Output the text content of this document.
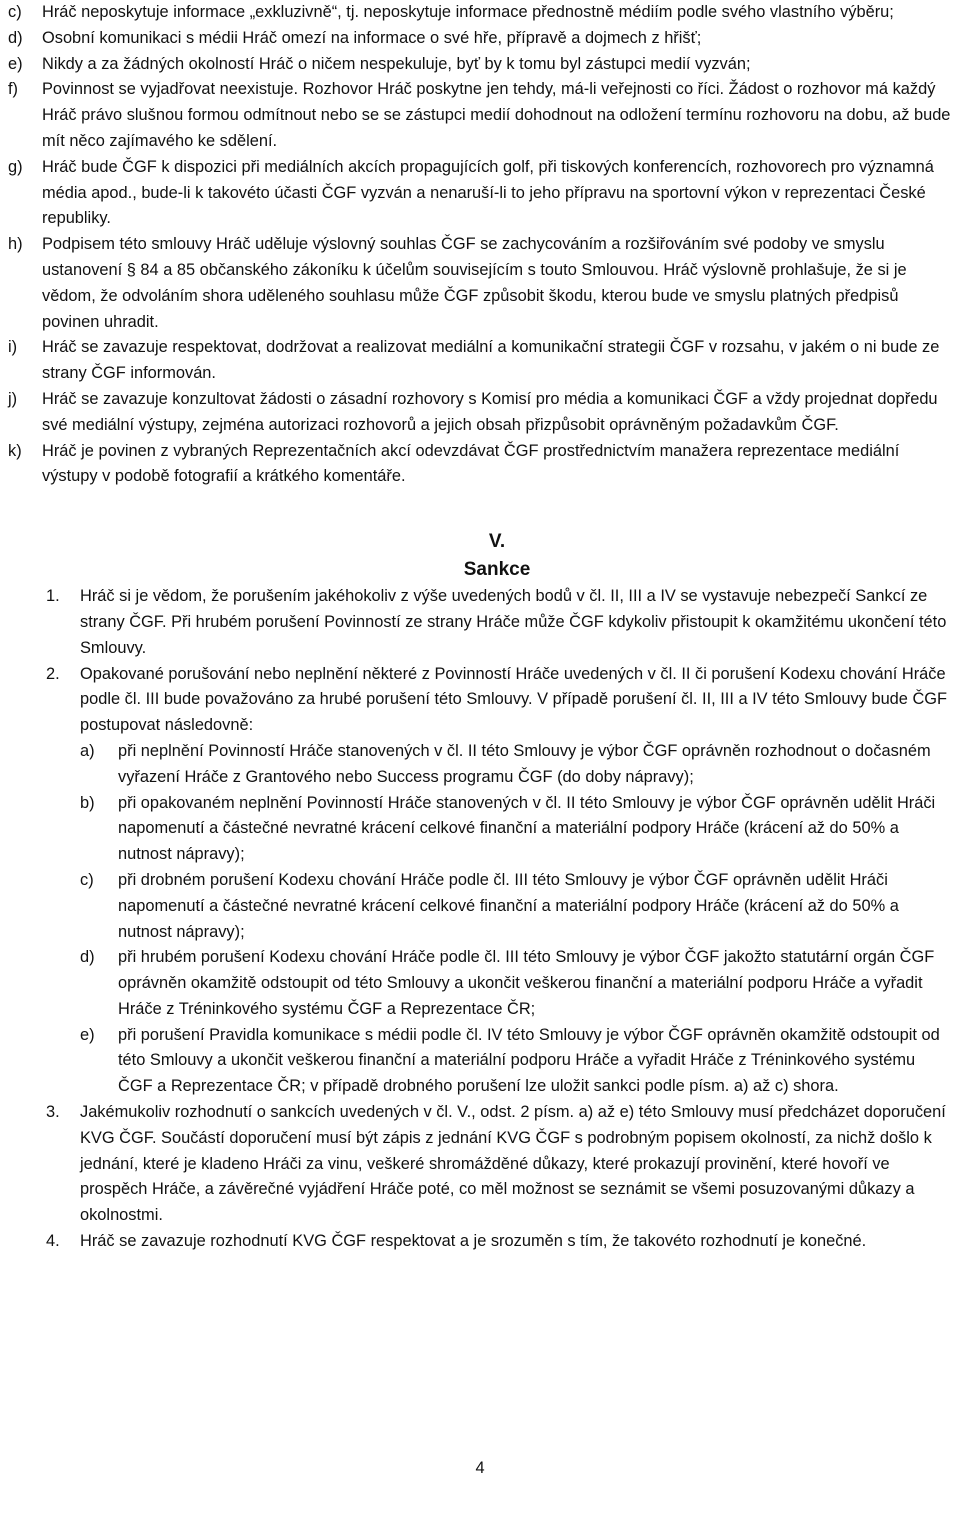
c)	Hráč neposkytuje informace „exkluzivně“, tj. neposkytuje informace přednostně médiím podle svého vlastního výběru;
d)	Osobní komunikaci s médii Hráč omezí na informace o své hře, přípravě a dojmech z hřišť;
e)	Nikdy a za žádných okolností Hráč o ničem nespekuluje, byť by k tomu byl zástupci medií vyzván;
f)	Povinnost se vyjadřovat neexistuje. Rozhovor Hráč poskytne jen tehdy, má-li veřejnosti co říci. Žádost o rozhovor má každý Hráč právo slušnou formou odmítnout nebo se se zástupci medií dohodnout na odložení termínu rozhovoru na dobu, až bude mít něco zajímavého ke sdělení.
g)	Hráč bude ČGF k dispozici při mediálních akcích propagujících golf, při tiskových konferencích, rozhovorech pro významná média apod., bude-li k takovéto účasti ČGF vyzván a nenaruší-li to jeho přípravu na sportovní výkon v reprezentaci České republiky.
h)	Podpisem této smlouvy Hráč uděluje výslovný souhlas ČGF se zachycováním a rozšiřováním své podoby ve smyslu ustanovení § 84 a 85 občanského zákoníku k účelům souvisejícím s touto Smlouvou. Hráč výslovně prohlašuje, že si je vědom, že odvoláním shora uděleného souhlasu může ČGF způsobit škodu, kterou bude ve smyslu platných předpisů povinen uhradit.
i)	Hráč se zavazuje respektovat, dodržovat a realizovat mediální a komunikační strategii ČGF v rozsahu, v jakém o ni bude ze strany ČGF informován.
j)	Hráč se zavazuje konzultovat žádosti o zásadní rozhovory s Komisí pro média a komunikaci ČGF a vždy projednat dopředu své mediální výstupy, zejména autorizaci rozhovorů a jejich obsah přizpůsobit oprávněným požadavkům ČGF.
k)	Hráč je povinen z vybraných Reprezentačních akcí odevzdávat ČGF prostřednictvím manažera reprezentace mediální výstupy v podobě fotografií a krátkého komentáře.
V.
Sankce
1.	Hráč si je vědom, že porušením jakéhokoliv z výše uvedených bodů v čl. II, III a IV se vystavuje nebezpečí Sankcí ze strany ČGF. Při hrubém porušení Povinností ze strany Hráče může ČGF kdykoliv přistoupit k okamžitému ukončení této Smlouvy.
2.	Opakované porušování nebo neplnění některé z Povinností Hráče uvedených v čl. II či porušení Kodexu chování Hráče podle čl. III bude považováno za hrubé porušení této Smlouvy. V případě porušení čl. II, III a IV této Smlouvy bude ČGF postupovat následovně:
a)	při neplnění Povinností Hráče stanovených v čl. II této Smlouvy je výbor ČGF oprávněn rozhodnout o dočasném vyřazení Hráče z Grantového nebo Success programu ČGF (do doby nápravy);
b)	při opakovaném neplnění Povinností Hráče stanovených v čl. II této Smlouvy je výbor ČGF oprávněn udělit Hráči napomenutí a částečné nevratné krácení celkové finanční a materiální podpory Hráče (krácení až do 50% a nutnost nápravy);
c)	při drobném porušení Kodexu chování Hráče podle čl. III této Smlouvy je výbor ČGF oprávněn udělit Hráči napomenutí a částečné nevratné krácení celkové finanční a materiální podpory Hráče (krácení až do 50% a nutnost nápravy);
d)	při hrubém porušení Kodexu chování Hráče podle čl. III této Smlouvy je výbor ČGF jakožto statutární orgán ČGF oprávněn okamžitě odstoupit od této Smlouvy a ukončit veškerou finanční a materiální podporu Hráče a vyřadit Hráče z Tréninkového systému ČGF a Reprezentace ČR;
e)	při porušení Pravidla komunikace s médii podle čl. IV této Smlouvy je výbor ČGF oprávněn okamžitě odstoupit od této Smlouvy a ukončit veškerou finanční a materiální podporu Hráče a vyřadit Hráče z Tréninkového systému ČGF a Reprezentace ČR; v případě drobného porušení lze uložit sankci podle písm. a) až c) shora.
3.	Jakémukoliv rozhodnutí o sankcích uvedených v čl. V., odst. 2 písm. a) až e) této Smlouvy musí předcházet doporučení KVG ČGF. Součástí doporučení musí být zápis z jednání KVG ČGF s podrobným popisem okolností, za nichž došlo k jednání, které je kladeno Hráči za vinu, veškeré shromážděné důkazy, které prokazují provinění, které hovoří ve prospěch Hráče, a závěrečné vyjádření Hráče poté, co měl možnost se seznámit se všemi posuzovanými důkazy a okolnostmi.
4.	Hráč se zavazuje rozhodnutí KVG ČGF respektovat a je srozuměn s tím, že takovéto rozhodnutí je konečné.
4
